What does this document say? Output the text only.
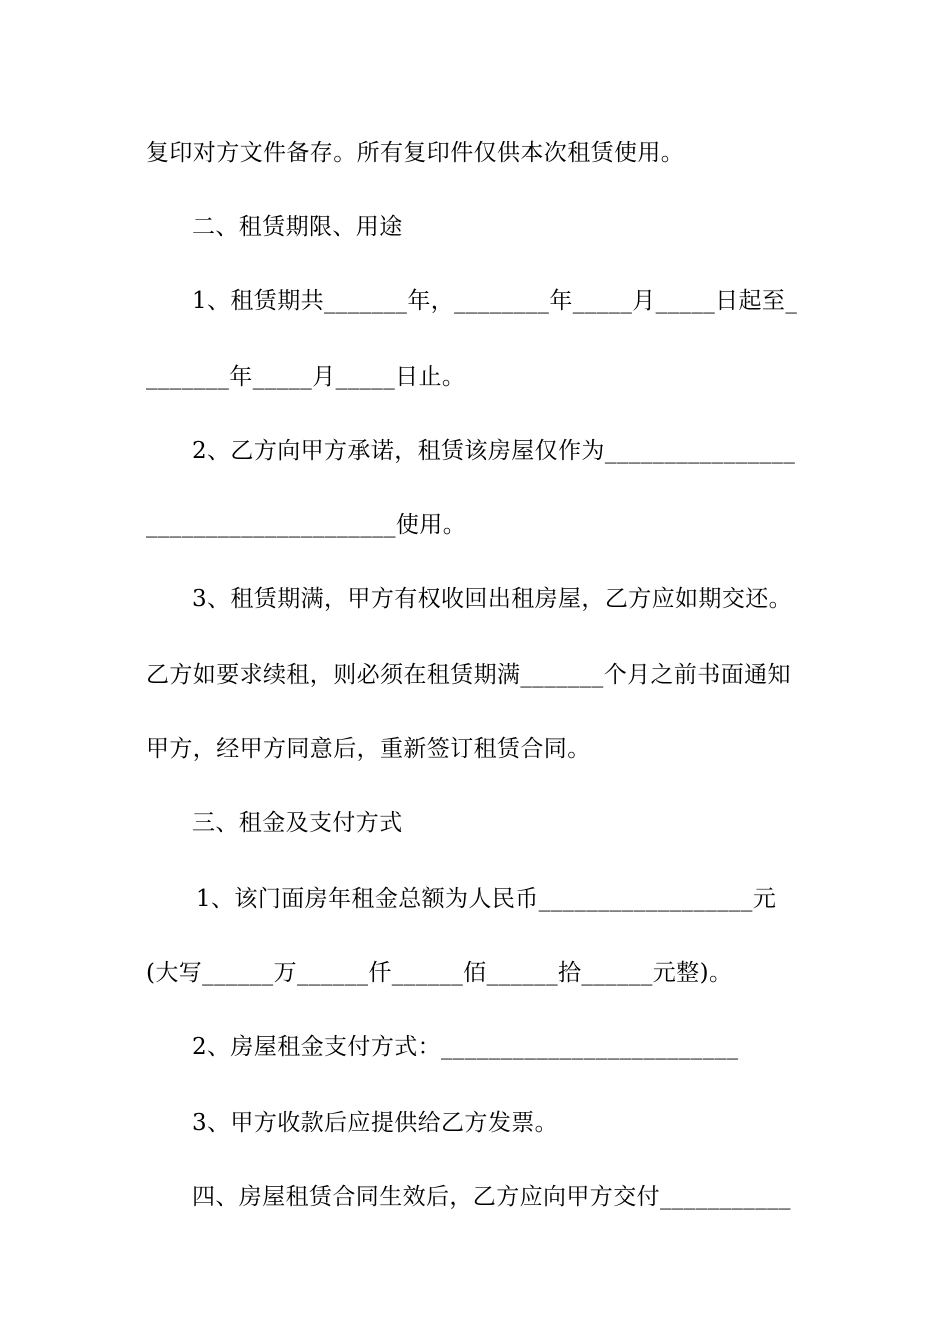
复印对方文件备存。所有复印件仅供本次租赁使用。
二、租赁期限、用途
1、租赁期共_______年，________年_____月_____日起至_
_______年_____月_____日止。
2、乙方向甲方承诺，租赁该房屋仅作为________________
_____________________使用。
3、租赁期满，甲方有权收回出租房屋，乙方应如期交还。
乙方如要求续租，则必须在租赁期满_______个月之前书面通知
甲方，经甲方同意后，重新签订租赁合同。
三、租金及支付方式
1、该门面房年租金总额为人民币__________________元
(大写______万______仟______佰______拾______元整)。
2、房屋租金支付方式：_________________________
3、甲方收款后应提供给乙方发票。
四、房屋租赁合同生效后，乙方应向甲方交付___________
